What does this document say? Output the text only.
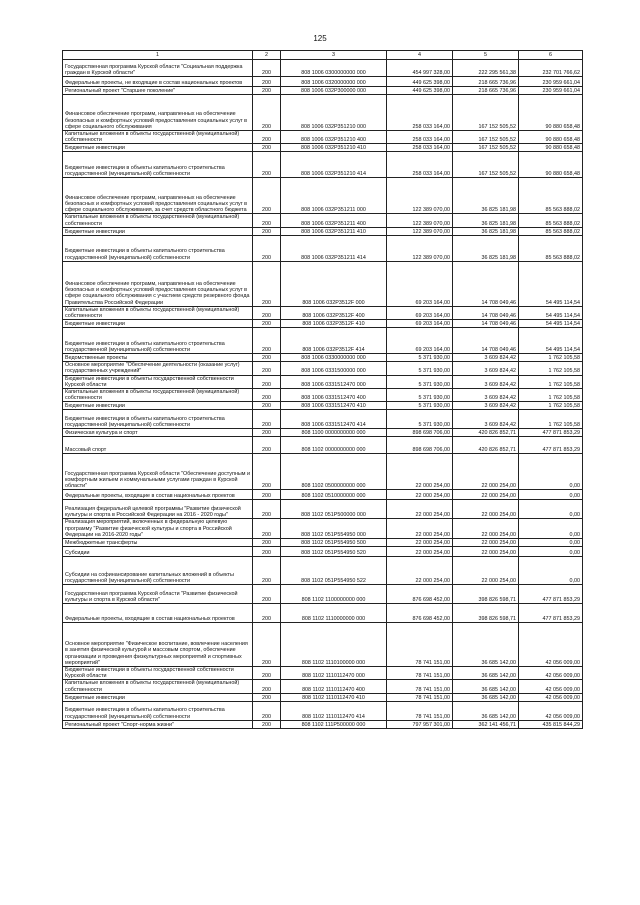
125
1	2	3	4	5	6
Государственная программа Курской области "Социальная поддержка граждан в Курской области"	200	808 1006 0300000000 000	454 997 328,00	222 295 561,38	232 701 766,62
Федеральные проекты, не входящие в состав национальных проектов	200	808 1006 0320000000 000	449 625 398,00	218 665 736,96	230 959 661,04
Региональный проект "Старшее поколение"	200	808 1006 032P300000 000	449 625 398,00	218 665 736,96	230 959 661,04
Финансовое обеспечение программ, направленных на обеспечение безопасных и комфортных условий предоставления социальных услуг в сфере социального обслуживания	200	808 1006 032P351210 000	258 033 164,00	167 152 505,52	90 880 658,48
Капитальные вложения в объекты государственной (муниципальной) собственности	200	808 1006 032P351210 400	258 033 164,00	167 152 505,52	90 880 658,48
Бюджетные инвестиции	200	808 1006 032P351210 410	258 033 164,00	167 152 505,52	90 880 658,48
Бюджетные инвестиции в объекты капитального строительства государственной (муниципальной) собственности	200	808 1006 032P351210 414	258 033 164,00	167 152 505,52	90 880 658,48
Финансовое обеспечение программ, направленных на обеспечение безопасных и комфортных условий предоставления социальных услуг в сфере социального обслуживания, за счет средств областного бюджета	200	808 1006 032P351211 000	122 389 070,00	36 825 181,98	85 563 888,02
Капитальные вложения в объекты государственной (муниципальной) собственности	200	808 1006 032P351211 400	122 389 070,00	36 825 181,98	85 563 888,02
Бюджетные инвестиции	200	808 1006 032P351211 410	122 389 070,00	36 825 181,98	85 563 888,02
Бюджетные инвестиции в объекты капитального строительства государственной (муниципальной) собственности	200	808 1006 032P351211 414	122 389 070,00	36 825 181,98	85 563 888,02
Финансовое обеспечение программ, направленных на обеспечение безопасных и комфортных условий предоставления социальных услуг в сфере социального обслуживания с участием средств резервного фонда Правительства Российской Федерации	200	808 1006 032P3512F 000	69 203 164,00	14 708 049,46	54 495 114,54
Капитальные вложения в объекты государственной (муниципальной) собственности	200	808 1006 032P3512F 400	69 203 164,00	14 708 049,46	54 495 114,54
Бюджетные инвестиции	200	808 1006 032P3512F 410	69 203 164,00	14 708 049,46	54 495 114,54
Бюджетные инвестиции в объекты капитального строительства государственной (муниципальной) собственности	200	808 1006 032P3512F 414	69 203 164,00	14 708 049,46	54 495 114,54
Ведомственные проекты	200	808 1006 0330000000 000	5 371 930,00	3 609 824,42	1 762 105,58
Основное мероприятие "Обеспечение деятельности (оказание услуг) государственных учреждений"	200	808 1006 0331500000 000	5 371 930,00	3 609 824,42	1 762 105,58
Бюджетные инвестиции в объекты государственной собственности Курской области	200	808 1006 0331512470 000	5 371 930,00	3 609 824,42	1 762 105,58
Капитальные вложения в объекты государственной (муниципальной) собственности	200	808 1006 0331512470 400	5 371 930,00	3 609 824,42	1 762 105,58
Бюджетные инвестиции	200	808 1006 0331512470 410	5 371 930,00	3 609 824,42	1 762 105,58
Бюджетные инвестиции в объекты капитального строительства государственной (муниципальной) собственности	200	808 1006 0331512470 414	5 371 930,00	3 609 824,42	1 762 105,58
Физическая культура и спорт	200	808 1100 0000000000 000	898 698 706,00	420 826 852,71	477 871 853,29
Массовый спорт	200	808 1102 0000000000 000	898 698 706,00	420 826 852,71	477 871 853,29
Государственная программа Курской области "Обеспечение доступным и комфортным жильем и коммунальными услугами граждан в Курской области"	200	808 1102 0500000000 000	22 000 254,00	22 000 254,00	0,00
Федеральные проекты, входящие в состав национальных проектов	200	808 1102 0510000000 000	22 000 254,00	22 000 254,00	0,00
Реализация федеральной целевой программы "Развитие физической культуры и спорта в Российской Федерации на 2016 - 2020 годы"	200	808 1102 051P500000 000	22 000 254,00	22 000 254,00	0,00
Реализация мероприятий, включенных в федеральную целевую программу "Развитие физической культуры и спорта в Российской Федерации на 2016-2020 годы"	200	808 1102 051P554950 000	22 000 254,00	22 000 254,00	0,00
Межбюджетные трансферты	200	808 1102 051P554950 500	22 000 254,00	22 000 254,00	0,00
Субсидии	200	808 1102 051P554950 520	22 000 254,00	22 000 254,00	0,00
Субсидии на софинансирование капитальных вложений в объекты государственной (муниципальной) собственности	200	808 1102 051P554950 522	22 000 254,00	22 000 254,00	0,00
Государственная программа Курской области "Развитие физической культуры и спорта в Курской области"	200	808 1102 1100000000 000	876 698 452,00	398 826 598,71	477 871 853,29
Федеральные проекты, входящие в состав национальных проектов	200	808 1102 1110000000 000	876 698 452,00	398 826 598,71	477 871 853,29
Основное мероприятие "Физическое воспитание, вовлечение населения в занятия физической культурой и массовым спортом, обеспечение организации и проведения физкультурных мероприятий и спортивных мероприятий"	200	808 1102 1110100000 000	78 741 151,00	36 685 142,00	42 056 009,00
Бюджетные инвестиции в объекты государственной собственности Курской области	200	808 1102 1110112470 000	78 741 151,00	36 685 142,00	42 056 009,00
Капитальные вложения в объекты государственной (муниципальной) собственности	200	808 1102 1110112470 400	78 741 151,00	36 685 142,00	42 056 009,00
Бюджетные инвестиции	200	808 1102 1110112470 410	78 741 151,00	36 685 142,00	42 056 009,00
Бюджетные инвестиции в объекты капитального строительства государственной (муниципальной) собственности	200	808 1102 1110112470 414	78 741 151,00	36 685 142,00	42 056 009,00
Региональный проект "Спорт-норма жизни"	200	808 1102 111P500000 000	797 957 301,00	362 141 456,71	435 815 844,29
